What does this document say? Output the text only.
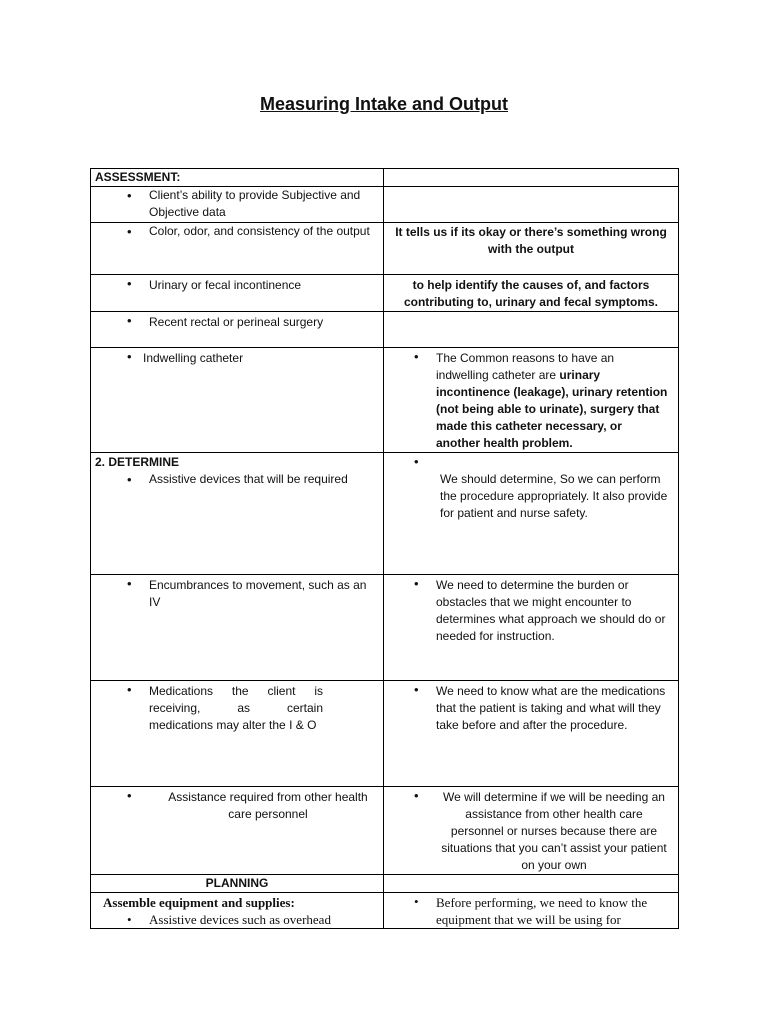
Measuring Intake and Output
ASSESSMENT:	

• Client’s ability to provide Subjective and Objective data

• Color, odor, and consistency of the output	It tells us if its okay or there’s something wrong with the output

• Urinary or fecal incontinence	to help identify the causes of, and factors contributing to, urinary and fecal symptoms.

• Recent rectal or perineal surgery

• Indwelling catheter	• The Common reasons to have an indwelling catheter are urinary incontinence (leakage), urinary retention (not being able to urinate), surgery that made this catheter necessary, or another health problem.

2. DETERMINE
• Assistive devices that will be required	• We should determine, So we can perform the procedure appropriately. It also provide for patient and nurse safety.

• Encumbrances to movement, such as an IV	• We need to determine the burden or obstacles that we might encounter to determines what approach we should do or needed for instruction.

• Medications the client is receiving, as certain medications may alter the I & O	• We need to know what are the medications that the patient is taking and what will they take before and after the procedure.

• Assistance required from other health care personnel	• We will determine if we will be needing an assistance from other health care personnel or nurses because there are situations that you can’t assist your patient on your own

PLANNING	

Assemble equipment and supplies:
• Assistive devices such as overhead	• Before performing, we need to know the equipment that we will be using for
